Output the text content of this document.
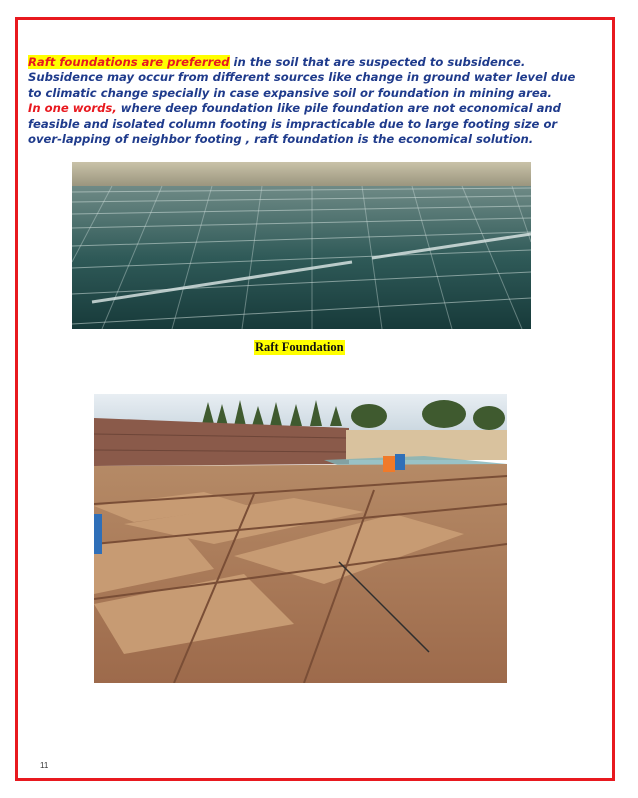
Raft foundations are preferred in the soil that are suspected to subsidence.
Subsidence may occur from different sources like change in ground water level due to climatic change specially in case expansive soil or foundation in mining area.
In one words, where deep foundation like pile foundation are not economical and feasible and isolated column footing is impracticable due to large footing size or over-lapping of neighbor footing , raft foundation is the economical solution.

Raft Foundation
11
